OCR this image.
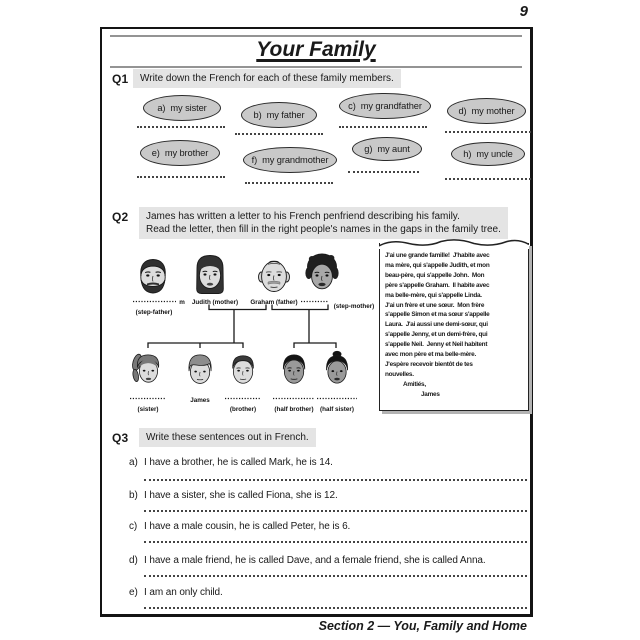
9
Your Family
Q1	Write down the French for each of these family members.
a) my sister
b) my father
c) my grandfather	d) my mother
e) my brother
f) my grandmother
g) my aunt	h) my uncle
Q2 James has written a letter to his French penfriend describing his family.
Read the letter, then fill in the right people's names in the gaps in the family tree.
m Judith (mother) Graham (father)
(step-father)
(step-mother)
James
(sister)	(brother)	(half brother) (half sister)
J'ai une grande famille!  J'habite avec
ma mère, qui s'appelle Judith, et mon
beau-père, qui s'appelle John.  Mon
père s'appelle Graham.  Il habite avec
ma belle-mère, qui s'appelle Linda.
J'ai un frère et une sœur.  Mon frère
s'appelle Simon et ma sœur s'appelle
Laura.  J'ai aussi une demi-sœur, qui
s'appelle Jenny, et un demi-frère, qui
s'appelle Neil.  Jenny et Neil habitent
avec mon père et ma belle-mère.
J'espère recevoir bientôt de tes
nouvelles.
Amitiés,
James
Q3	Write these sentences out in French.
a) I have a brother, he is called Mark, he is 14.
b) I have a sister, she is called Fiona, she is 12.
c) I have a male cousin, he is called Peter, he is 6.
d) I have a male friend, he is called Dave, and a female friend, she is called Anna.
e) I am an only child.
Section 2 — You, Family and Home
